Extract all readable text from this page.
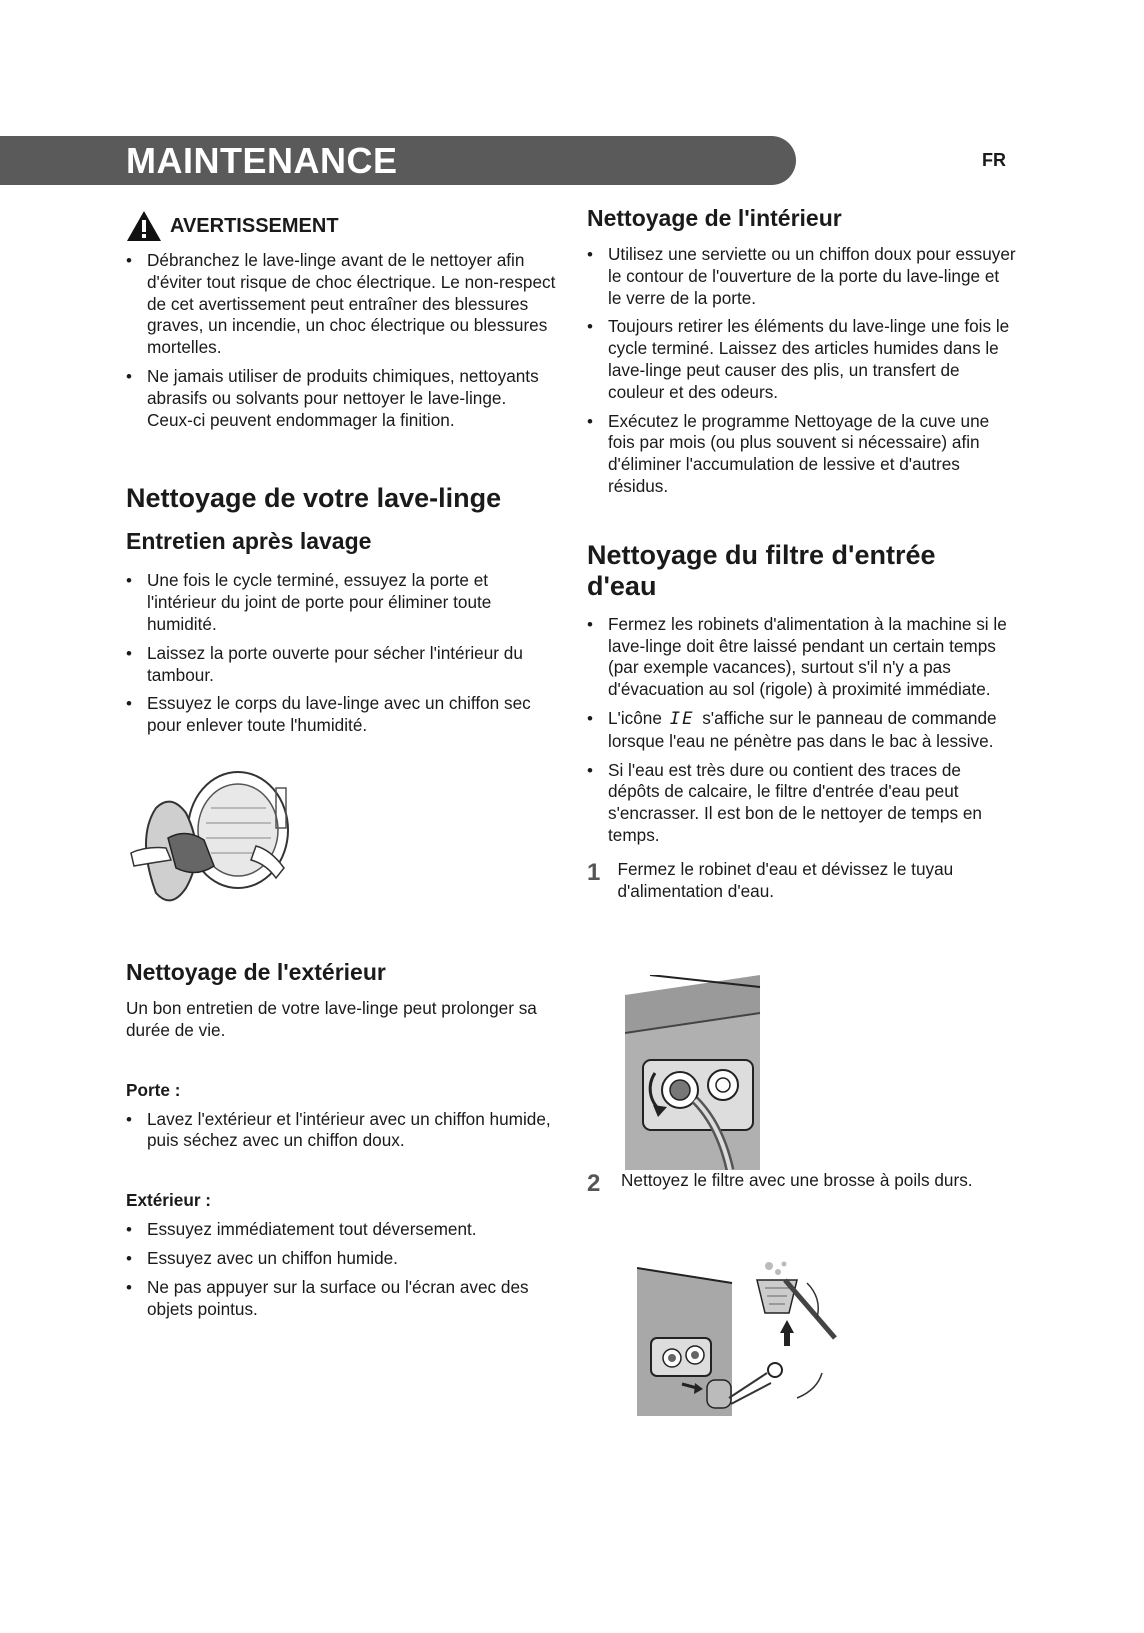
MAINTENANCE	FR
AVERTISSEMENT
• Débranchez le lave-linge avant de le nettoyer afin d'éviter tout risque de choc électrique. Le non-respect de cet avertissement peut entraîner des blessures graves, un incendie, un choc électrique ou blessures mortelles.
• Ne jamais utiliser de produits chimiques, nettoyants abrasifs ou solvants pour nettoyer le lave-linge. Ceux-ci peuvent endommager la finition.
Nettoyage de votre lave-linge
Entretien après lavage
• Une fois le cycle terminé, essuyez la porte et l'intérieur du joint de porte pour éliminer toute humidité.
• Laissez la porte ouverte pour sécher l'intérieur du tambour.
• Essuyez le corps du lave-linge avec un chiffon sec pour enlever toute l'humidité.
Nettoyage de l'extérieur

Un bon entretien de votre lave-linge peut prolonger sa durée de vie.

Porte :
• Lavez l'extérieur et l'intérieur avec un chiffon humide, puis séchez avec un chiffon doux.
Extérieur :
• Essuyez immédiatement tout déversement.
• Essuyez avec un chiffon humide.
• Ne pas appuyer sur la surface ou l'écran avec des objets pointus.
Nettoyage de l'intérieur
• Utilisez une serviette ou un chiffon doux pour essuyer le contour de l'ouverture de la porte du lave-linge et le verre de la porte.
• Toujours retirer les éléments du lave-linge une fois le cycle terminé. Laissez des articles humides dans le lave-linge peut causer des plis, un transfert de couleur et des odeurs.
• Exécutez le programme Nettoyage de la cuve une fois par mois (ou plus souvent si nécessaire) afin d'éliminer l'accumulation de lessive et d'autres résidus.
Nettoyage du filtre d'entrée d'eau
• Fermez les robinets d'alimentation à la machine si le lave-linge doit être laissé pendant un certain temps (par exemple vacances), surtout s'il n'y a pas d'évacuation au sol (rigole) à proximité immédiate.
• L'icône IE s'affiche sur le panneau de commande lorsque l'eau ne pénètre pas dans le bac à lessive.
• Si l'eau est très dure ou contient des traces de dépôts de calcaire, le filtre d'entrée d'eau peut s'encrasser. Il est bon de le nettoyer de temps en temps.
1 Fermez le robinet d'eau et dévissez le tuyau d'alimentation d'eau.
2 Nettoyez le filtre avec une brosse à poils durs.
